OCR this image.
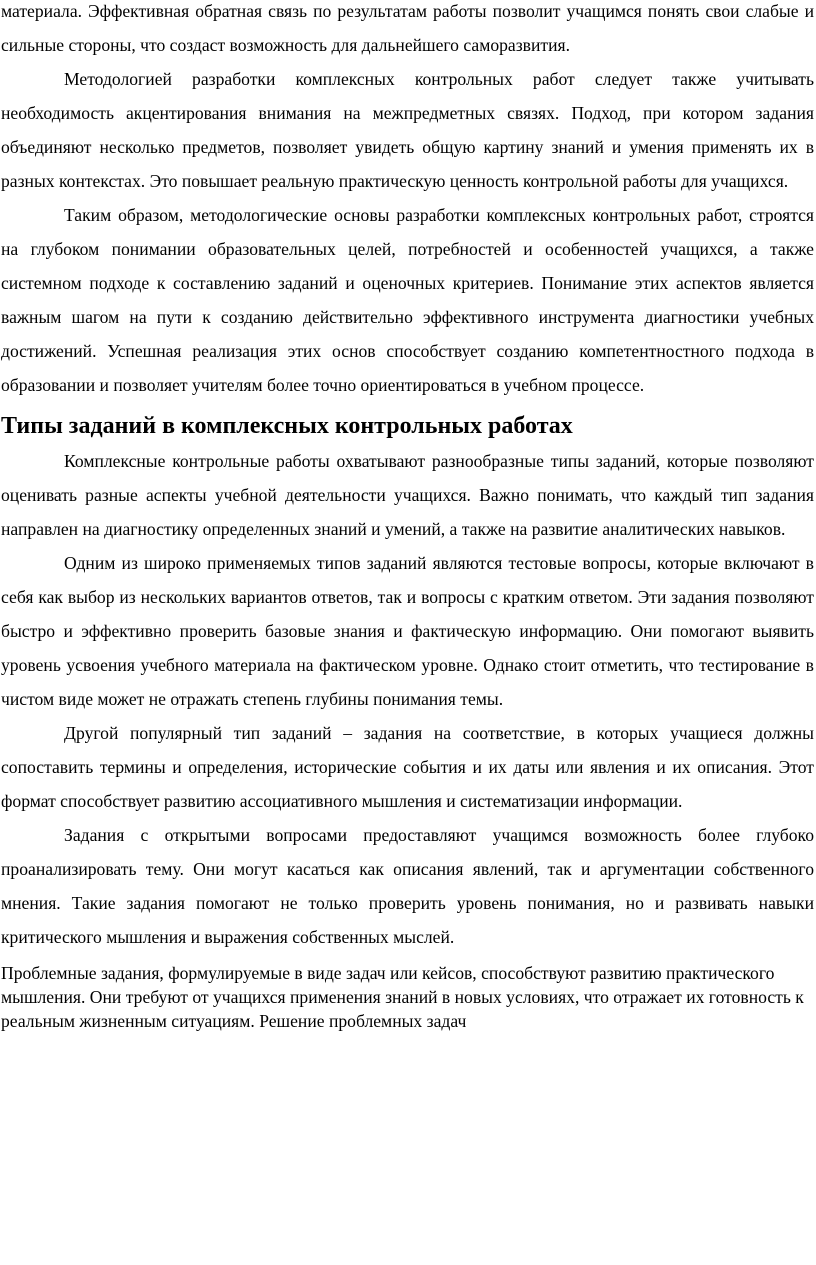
материала. Эффективная обратная связь по результатам работы позволит учащимся понять свои слабые и сильные стороны, что создаст возможность для дальнейшего саморазвития.

Методологией разработки комплексных контрольных работ следует также учитывать необходимость акцентирования внимания на межпредметных связях. Подход, при котором задания объединяют несколько предметов, позволяет увидеть общую картину знаний и умения применять их в разных контекстах. Это повышает реальную практическую ценность контрольной работы для учащихся.

Таким образом, методологические основы разработки комплексных контрольных работ, строятся на глубоком понимании образовательных целей, потребностей и особенностей учащихся, а также системном подходе к составлению заданий и оценочных критериев. Понимание этих аспектов является важным шагом на пути к созданию действительно эффективного инструмента диагностики учебных достижений. Успешная реализация этих основ способствует созданию компетентностного подхода в образовании и позволяет учителям более точно ориентироваться в учебном процессе.

Типы заданий в комплексных контрольных работах

Комплексные контрольные работы охватывают разнообразные типы заданий, которые позволяют оценивать разные аспекты учебной деятельности учащихся. Важно понимать, что каждый тип задания направлен на диагностику определенных знаний и умений, а также на развитие аналитических навыков.

Одним из широко применяемых типов заданий являются тестовые вопросы, которые включают в себя как выбор из нескольких вариантов ответов, так и вопросы с кратким ответом. Эти задания позволяют быстро и эффективно проверить базовые знания и фактическую информацию. Они помогают выявить уровень усвоения учебного материала на фактическом уровне. Однако стоит отметить, что тестирование в чистом виде может не отражать степень глубины понимания темы.

Другой популярный тип заданий – задания на соответствие, в которых учащиеся должны сопоставить термины и определения, исторические события и их даты или явления и их описания. Этот формат способствует развитию ассоциативного мышления и систематизации информации.

Задания с открытыми вопросами предоставляют учащимся возможность более глубоко проанализировать тему. Они могут касаться как описания явлений, так и аргументации собственного мнения. Такие задания помогают не только проверить уровень понимания, но и развивать навыки критического мышления и выражения собственных мыслей.

Проблемные задания, формулируемые в виде задач или кейсов, способствуют развитию практического мышления. Они требуют от учащихся применения знаний в новых условиях, что отражает их готовность к реальным жизненным ситуациям. Решение проблемных задач
